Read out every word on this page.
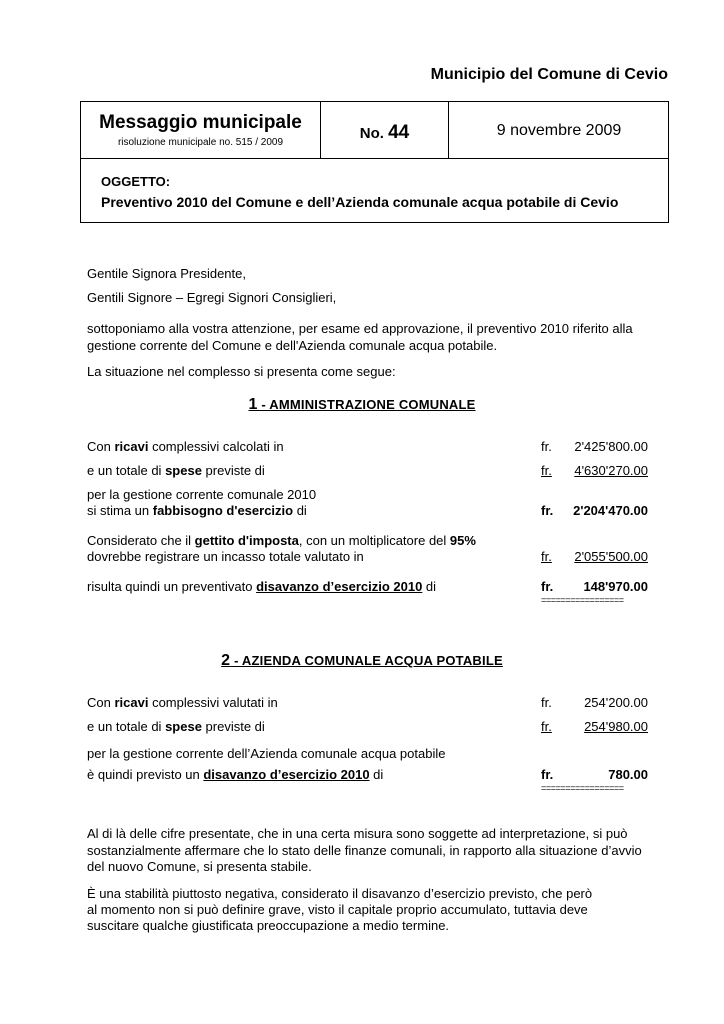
Municipio del Comune di Cevio
Messaggio municipale
risoluzione municipale no. 515 / 2009
No. 44	9 novembre 2009
OGGETTO:
Preventivo 2010 del Comune e dell’Azienda comunale acqua potabile di Cevio
Gentile Signora Presidente,
Gentili Signore – Egregi Signori Consiglieri,
sottoponiamo alla vostra attenzione, per esame ed approvazione, il preventivo 2010 riferito alla
gestione corrente del Comune e dell'Azienda comunale acqua potabile.
La situazione nel complesso si presenta come segue:
1 - AMMINISTRAZIONE COMUNALE
Con ricavi complessivi calcolati in	fr.	2'425'800.00
e un totale di spese previste di	fr.	4'630'270.00
per la gestione corrente comunale 2010
si stima un fabbisogno d'esercizio di	fr.	2'204'470.00
Considerato che il gettito d'imposta, con un moltiplicatore del 95%
dovrebbe registrare un incasso totale valutato in	fr.	2'055'500.00
risulta quindi un preventivato disavanzo d’esercizio 2010 di	fr.	148'970.00
=================
2 - AZIENDA COMUNALE ACQUA POTABILE
Con ricavi complessivi valutati in	fr.	254'200.00
e un totale di spese previste di	fr.	254'980.00
per la gestione corrente dell’Azienda comunale acqua potabile
è quindi previsto un disavanzo d’esercizio 2010 di	fr.	780.00
=================
Al di là delle cifre presentate, che in una certa misura sono soggette ad interpretazione, si può
sostanzialmente affermare che lo stato delle finanze comunali, in rapporto alla situazione d’avvio
del nuovo Comune, si presenta stabile.
È una stabilità piuttosto negativa, considerato il disavanzo d’esercizio previsto, che però
al momento non si può definire grave, visto il capitale proprio accumulato, tuttavia deve
suscitare qualche giustificata preoccupazione a medio termine.
